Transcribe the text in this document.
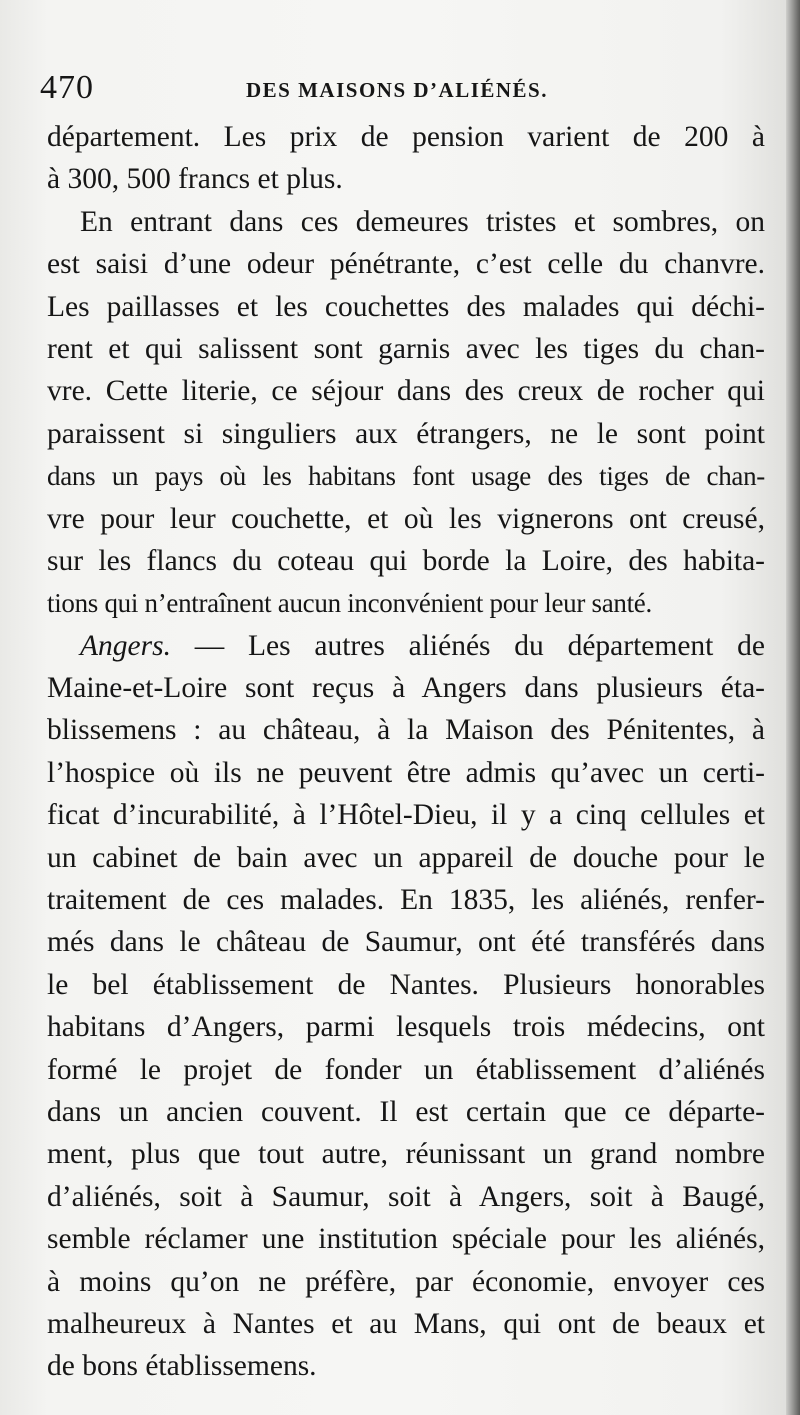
470	DES MAISONS D’ALIÉNÉS.
département. Les prix de pension varient de 200 à
à 300, 500 francs et plus.
En entrant dans ces demeures tristes et sombres, on
est saisi d’une odeur pénétrante, c’est celle du chanvre.
Les paillasses et les couchettes des malades qui déchi-
rent et qui salissent sont garnis avec les tiges du chan-
vre. Cette literie, ce séjour dans des creux de rocher qui
paraissent si singuliers aux étrangers, ne le sont point
dans un pays où les habitans font usage des tiges de chan-
vre pour leur couchette, et où les vignerons ont creusé,
sur les flancs du coteau qui borde la Loire, des habita-
tions qui n’entraînent aucun inconvénient pour leur santé.
Angers. — Les autres aliénés du département de
Maine-et-Loire sont reçus à Angers dans plusieurs éta-
blissemens : au château, à la Maison des Pénitentes, à
l’hospice où ils ne peuvent être admis qu’avec un certi-
ficat d’incurabilité, à l’Hôtel-Dieu, il y a cinq cellules et
un cabinet de bain avec un appareil de douche pour le
traitement de ces malades. En 1835, les aliénés, renfer-
més dans le château de Saumur, ont été transférés dans
le bel établissement de Nantes. Plusieurs honorables
habitans d’Angers, parmi lesquels trois médecins, ont
formé le projet de fonder un établissement d’aliénés
dans un ancien couvent. Il est certain que ce départe-
ment, plus que tout autre, réunissant un grand nombre
d’aliénés, soit à Saumur, soit à Angers, soit à Baugé,
semble réclamer une institution spéciale pour les aliénés,
à moins qu’on ne préfère, par économie, envoyer ces
malheureux à Nantes et au Mans, qui ont de beaux et
de bons établissemens.
